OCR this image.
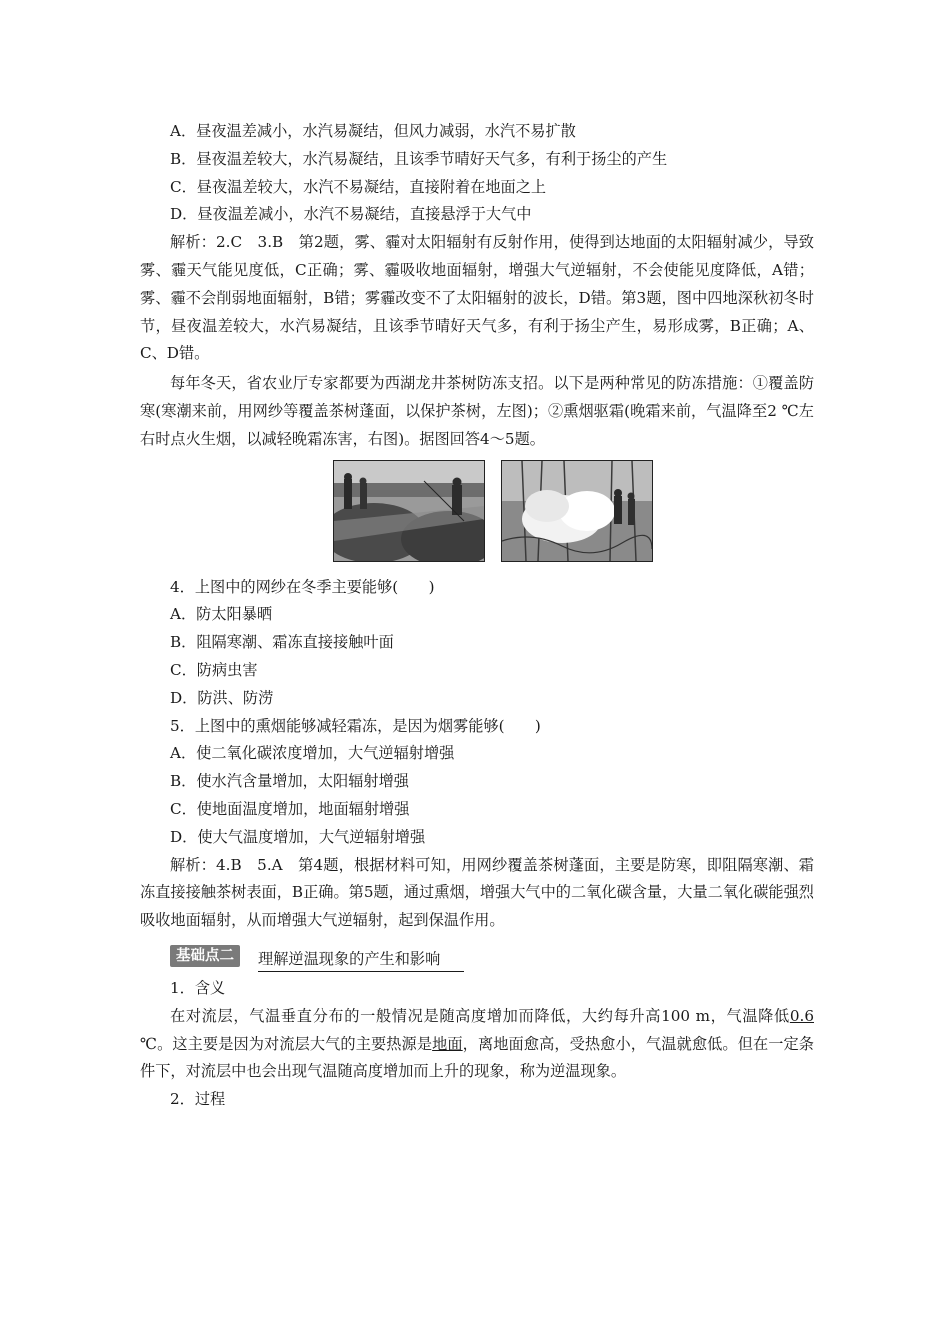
A．昼夜温差减小，水汽易凝结，但风力减弱，水汽不易扩散
B．昼夜温差较大，水汽易凝结，且该季节晴好天气多，有利于扬尘的产生
C．昼夜温差较大，水汽不易凝结，直接附着在地面之上
D．昼夜温差减小，水汽不易凝结，直接悬浮于大气中
解析：2.C　3.B　第2题，雾、霾对太阳辐射有反射作用，使得到达地面的太阳辐射减少，导致雾、霾天气能见度低，C正确；雾、霾吸收地面辐射，增强大气逆辐射，不会使能见度降低，A错；雾、霾不会削弱地面辐射，B错；雾霾改变不了太阳辐射的波长，D错。第3题，图中四地深秋初冬时节，昼夜温差较大，水汽易凝结，且该季节晴好天气多，有利于扬尘产生，易形成雾，B正确；A、C、D错。
每年冬天，省农业厅专家都要为西湖龙井茶树防冻支招。以下是两种常见的防冻措施：①覆盖防寒(寒潮来前，用网纱等覆盖茶树蓬面，以保护茶树，左图)；②熏烟驱霜(晚霜来前，气温降至2 ℃左右时点火生烟，以减轻晚霜冻害，右图)。据图回答4～5题。
4．上图中的网纱在冬季主要能够(　　)
A．防太阳暴晒
B．阻隔寒潮、霜冻直接接触叶面
C．防病虫害
D．防洪、防涝
5．上图中的熏烟能够减轻霜冻，是因为烟雾能够(　　)
A．使二氧化碳浓度增加，大气逆辐射增强
B．使水汽含量增加，太阳辐射增强
C．使地面温度增加，地面辐射增强
D．使大气温度增加，大气逆辐射增强
解析：4.B　5.A　第4题，根据材料可知，用网纱覆盖茶树蓬面，主要是防寒，即阻隔寒潮、霜冻直接接触茶树表面，B正确。第5题，通过熏烟，增强大气中的二氧化碳含量，大量二氧化碳能强烈吸收地面辐射，从而增强大气逆辐射，起到保温作用。
基础点二	理解逆温现象的产生和影响
1．含义
在对流层，气温垂直分布的一般情况是随高度增加而降低，大约每升高100 m，气温降低0.6 ℃。这主要是因为对流层大气的主要热源是地面，离地面愈高，受热愈小，气温就愈低。但在一定条件下，对流层中也会出现气温随高度增加而上升的现象，称为逆温现象。
2．过程
